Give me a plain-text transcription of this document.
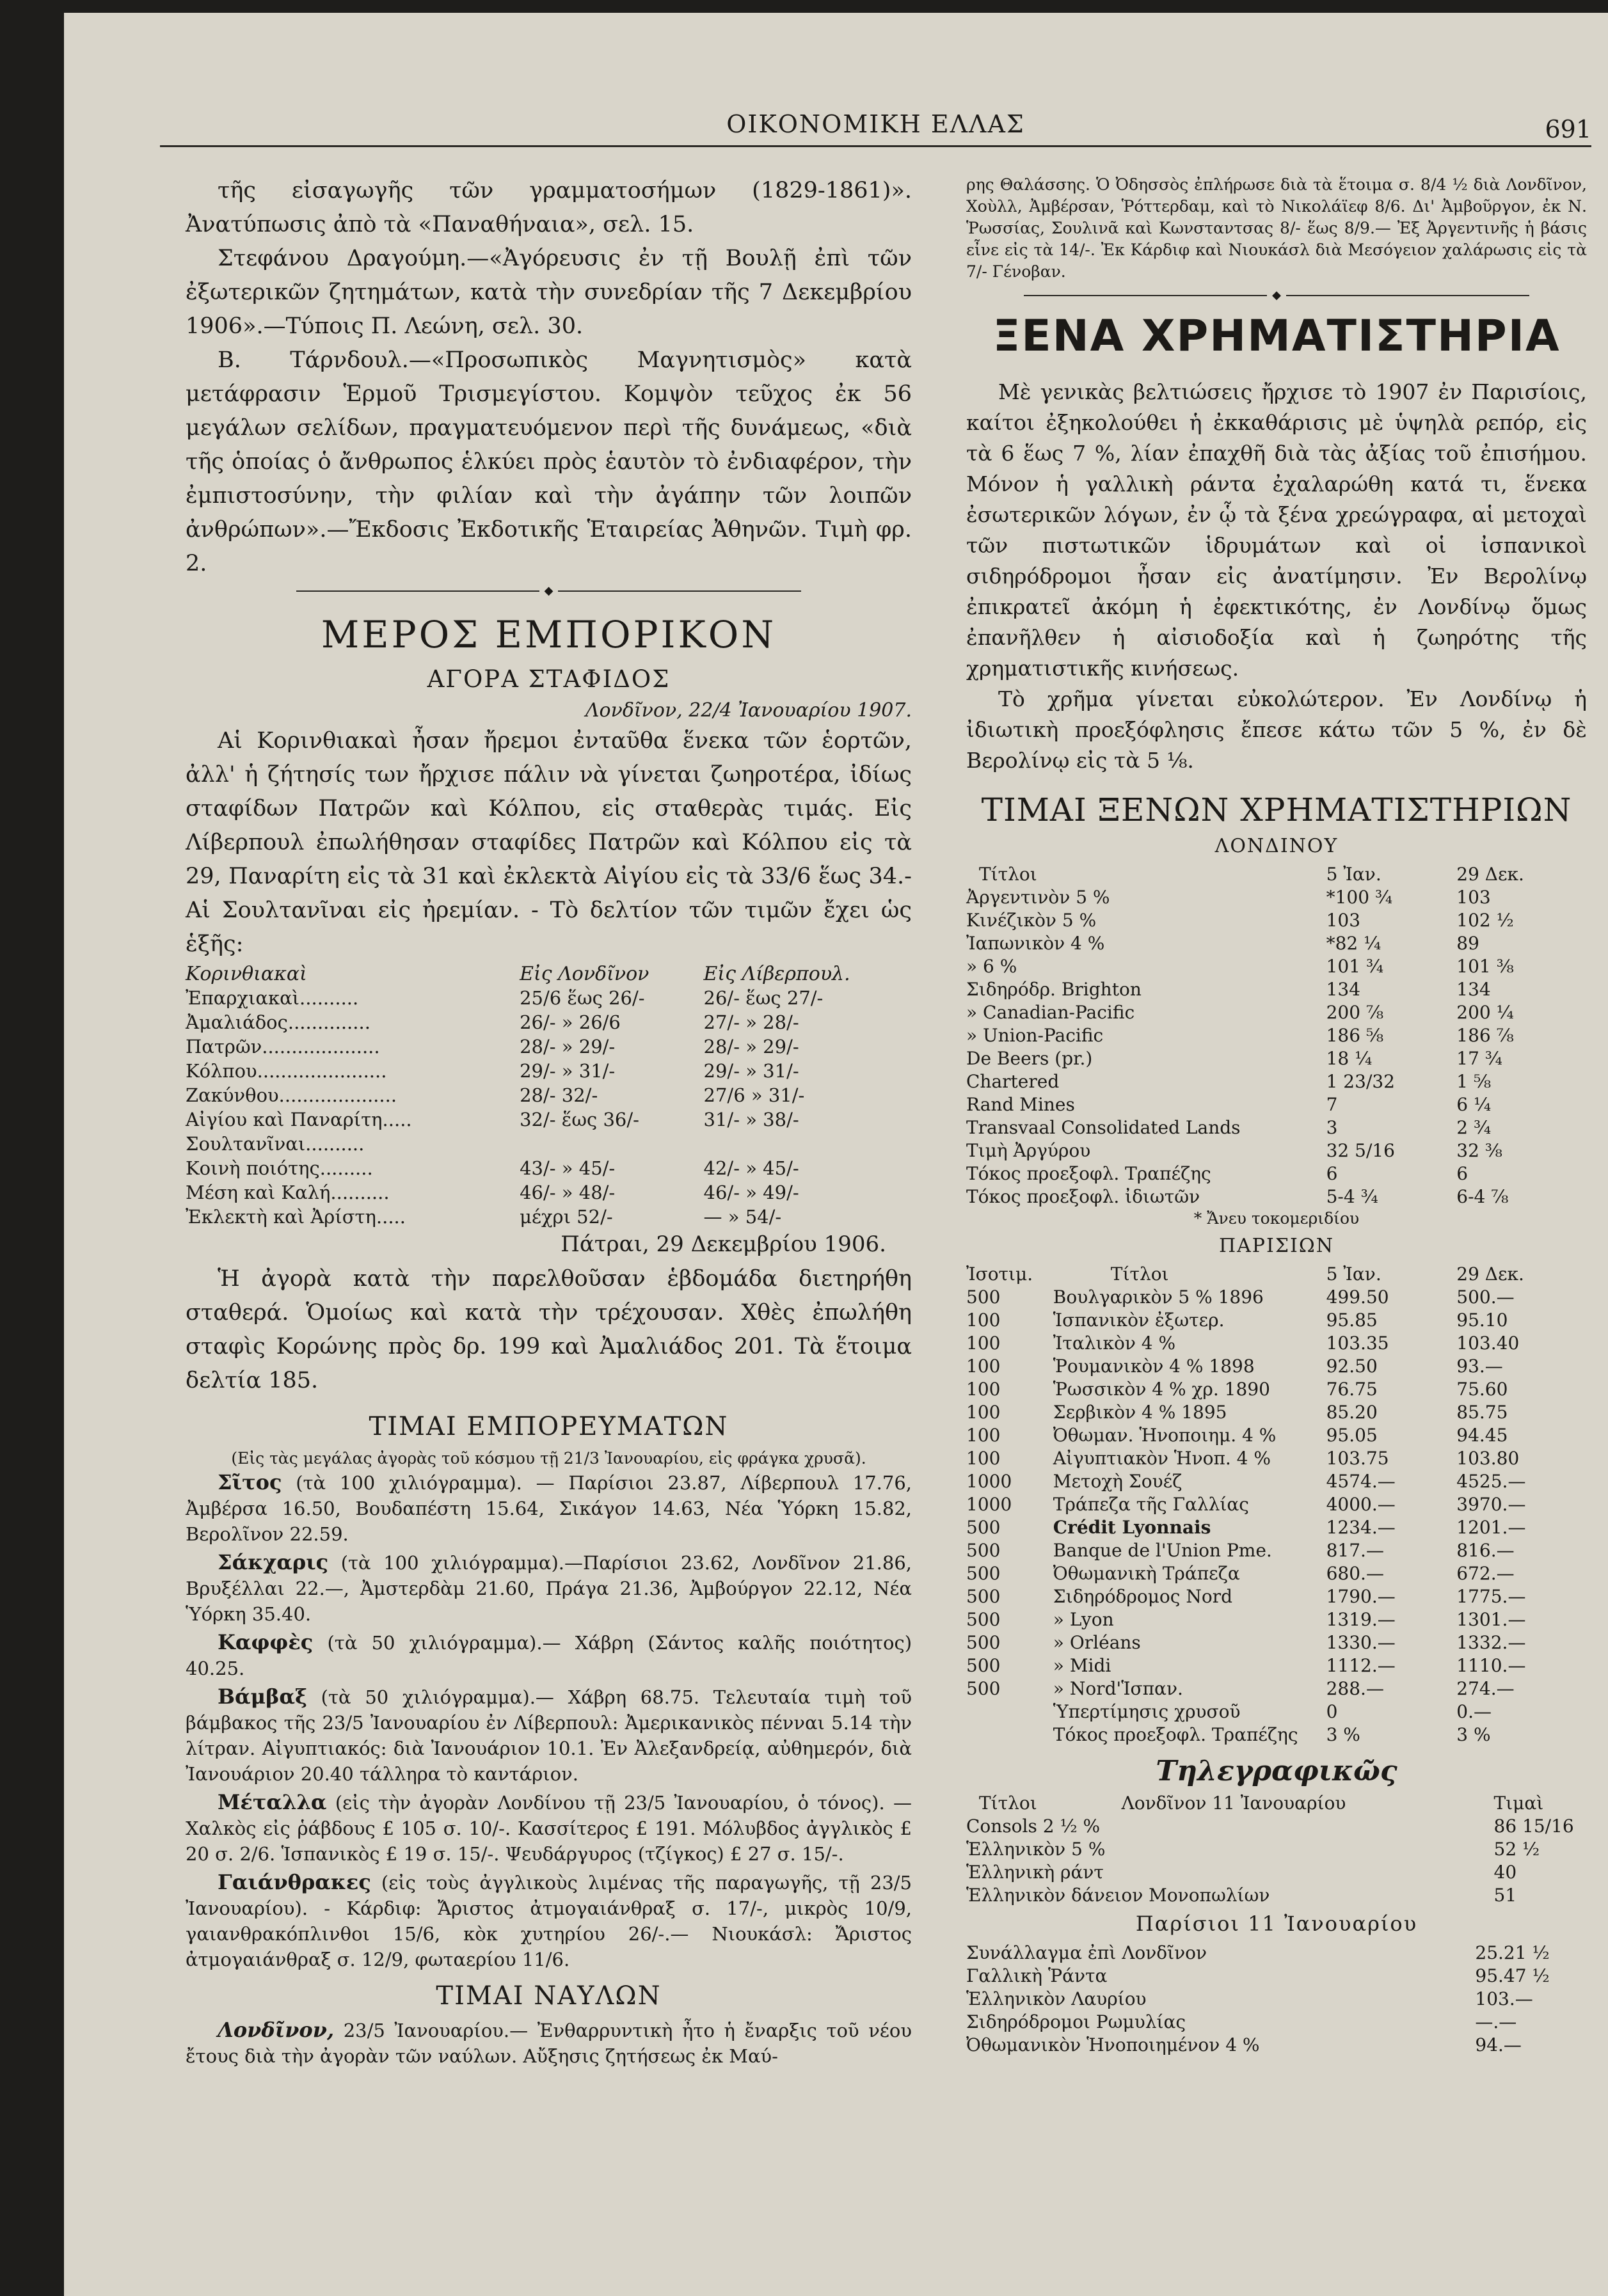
ΟΙΚΟΝΟΜΙΚΗ ΕΛΛΑΣ	691

τῆς εἰσαγωγῆς τῶν γραμματοσήμων (1829-1861)». Ἀνατύπωσις ἀπὸ τὰ «Παναθήναια», σελ. 15.

Στεφάνου Δραγούμη.—«Ἀγόρευσις ἐν τῇ Βουλῇ ἐπὶ τῶν ἐξωτερικῶν ζητημάτων, κατὰ τὴν συνεδρίαν τῆς 7 Δεκεμβρίου 1906».—Τύποις Π. Λεώνη, σελ. 30.

Β. Τάρνδουλ.—«Προσωπικὸς Μαγνητισμὸς» κατὰ μετάφρασιν Ἑρμοῦ Τρισμεγίστου. Κομψὸν τεῦχος ἐκ 56 μεγάλων σελίδων, πραγματευόμενον περὶ τῆς δυνάμεως, «διὰ τῆς ὁποίας ὁ ἄνθρωπος ἑλκύει πρὸς ἑαυτὸν τὸ ἐνδιαφέρον, τὴν ἐμπιστοσύνην, τὴν φιλίαν καὶ τὴν ἀγάπην τῶν λοιπῶν ἀνθρώπων».—Ἔκδοσις Ἐκδοτικῆς Ἑταιρείας Ἀθηνῶν. Τιμὴ φρ. 2.

◆
ΜΕΡΟΣ ΕΜΠΟΡΙΚΟΝ
ΑΓΟΡΑ ΣΤΑΦΙΔΟΣ
Λονδῖνον, 22/4 Ἰανουαρίου 1907.

Αἱ Κορινθιακαὶ ἦσαν ἤρεμοι ἐνταῦθα ἕνεκα τῶν ἑορτῶν, ἀλλ' ἡ ζήτησίς των ἤρχισε πάλιν νὰ γίνεται ζωηροτέρα, ἰδίως σταφίδων Πατρῶν καὶ Κόλπου, εἰς σταθερὰς τιμάς. Εἰς Λίβερπουλ ἐπωλήθησαν σταφίδες Πατρῶν καὶ Κόλπου εἰς τὰ 29, Παναρίτη εἰς τὰ 31 καὶ ἐκλεκτὰ Αἰγίου εἰς τὰ 33/6 ἕως 34.- Αἱ Σουλτανῖναι εἰς ἠρεμίαν. - Τὸ δελτίον τῶν τιμῶν ἔχει ὡς ἑξῆς:

Κορινθιακαὶ	Εἰς Λονδῖνον	Εἰς Λίβερπουλ.
Ἐπαρχιακαὶ..........	25/6 ἕως 26/-	26/- ἕως 27/-
Ἀμαλιάδος..............	26/- » 26/6	27/- » 28/-
Πατρῶν....................	28/- » 29/-	28/- » 29/-
Κόλπου......................	29/- » 31/-	29/- » 31/-
Ζακύνθου....................	28/- 32/-	27/6 » 31/-
Αἰγίου καὶ Παναρίτη.....	32/- ἕως 36/-	31/- » 38/-
Σουλτανῖναι..........		
Κοινὴ ποιότης.........	43/- » 45/-	42/- » 45/-
Μέση καὶ Καλή..........	46/- » 48/-	46/- » 49/-
Ἐκλεκτὴ καὶ Ἀρίστη.....	μέχρι 52/-	— » 54/-
Πάτραι, 29 Δεκεμβρίου 1906.

Ἡ ἀγορὰ κατὰ τὴν παρελθοῦσαν ἑβδομάδα διετηρήθη σταθερά. Ὁμοίως καὶ κατὰ τὴν τρέχουσαν. Χθὲς ἐπωλήθη σταφὶς Κορώνης πρὸς δρ. 199 καὶ Ἀμαλιάδος 201. Τὰ ἕτοιμα δελτία 185.

ΤΙΜΑΙ ΕΜΠΟΡΕΥΜΑΤΩΝ

(Εἰς τὰς μεγάλας ἀγορὰς τοῦ κόσμου τῇ 21/3 Ἰανουαρίου, εἰς φράγκα χρυσᾶ).

Σῖτος (τὰ 100 χιλιόγραμμα). — Παρίσιοι 23.87, Λίβερπουλ 17.76, Ἀμβέρσα 16.50, Βουδαπέστη 15.64, Σικάγον 14.63, Νέα Ὑόρκη 15.82, Βερολῖνον 22.59.

Σάκχαρις (τὰ 100 χιλιόγραμμα).—Παρίσιοι 23.62, Λονδῖνον 21.86, Βρυξέλλαι 22.—, Ἀμστερδὰμ 21.60, Πράγα 21.36, Ἀμβούργον 22.12, Νέα Ὑόρκη 35.40.

Καφφὲς (τὰ 50 χιλιόγραμμα).— Χάβρη (Σάντος καλῆς ποιότητος) 40.25.

Βάμβαξ (τὰ 50 χιλιόγραμμα).— Χάβρη 68.75. Τελευταία τιμὴ τοῦ βάμβακος τῆς 23/5 Ἰανουαρίου ἐν Λίβερπουλ: Ἀμερικανικὸς πένναι 5.14 τὴν λίτραν. Αἰγυπτιακός: διὰ Ἰανουάριον 10.1. Ἐν Ἀλεξανδρείᾳ, αὐθημερόν, διὰ Ἰανουάριον 20.40 τάλληρα τὸ καντάριον.

Μέταλλα (εἰς τὴν ἀγορὰν Λονδίνου τῇ 23/5 Ἰανουαρίου, ὁ τόνος). — Χαλκὸς εἰς ῥάβδους £ 105 σ. 10/-. Κασσίτερος £ 191. Μόλυβδος ἀγγλικὸς £ 20 σ. 2/6. Ἱσπανικὸς £ 19 σ. 15/-. Ψευδάργυρος (τζίγκος) £ 27 σ. 15/-.

Γαιάνθρακες (εἰς τοὺς ἀγγλικοὺς λιμένας τῆς παραγωγῆς, τῇ 23/5 Ἰανουαρίου). - Κάρδιφ: Ἄριστος ἀτμογαιάνθραξ σ. 17/-, μικρὸς 10/9, γαιανθρακόπλινθοι 15/6, κὸκ χυτηρίου 26/-.— Νιουκάσλ: Ἄριστος ἀτμογαιάνθραξ σ. 12/9, φωταερίου 11/6.

ΤΙΜΑΙ ΝΑΥΛΩΝ

Λονδῖνον, 23/5 Ἰανουαρίου.— Ἐνθαρρυντικὴ ἦτο ἡ ἔναρξις τοῦ νέου ἔτους διὰ τὴν ἀγορὰν τῶν ναύλων. Αὔξησις ζητήσεως ἐκ Μαύ-

ρης Θαλάσσης. Ὁ Ὀδησσὸς ἐπλήρωσε διὰ τὰ ἕτοιμα σ. 8/4 ½ διὰ Λονδῖνον, Χοὺλλ, Ἀμβέρσαν, Ῥόττερδαμ, καὶ τὸ Νικολάϊεφ 8/6. Δι' Ἀμβοῦργον, ἐκ Ν. Ῥωσσίας, Σουλινᾶ καὶ Κωνσταντσας 8/- ἕως 8/9.— Ἐξ Ἀργεντινῆς ἡ βάσις εἶνε εἰς τὰ 14/-. Ἐκ Κάρδιφ καὶ Νιουκάσλ διὰ Μεσόγειον χαλάρωσις εἰς τὰ 7/- Γένοβαν.

◆
ΞΕΝΑ ΧΡΗΜΑΤΙΣΤΗΡΙΑ

Μὲ γενικὰς βελτιώσεις ἤρχισε τὸ 1907 ἐν Παρισίοις, καίτοι ἐξηκολούθει ἡ ἐκκαθάρισις μὲ ὑψηλὰ ρεπόρ, εἰς τὰ 6 ἕως 7 %, λίαν ἐπαχθῆ διὰ τὰς ἀξίας τοῦ ἐπισήμου. Μόνον ἡ γαλλικὴ ράντα ἐχαλαρώθη κατά τι, ἕνεκα ἐσωτερικῶν λόγων, ἐν ᾧ τὰ ξένα χρεώγραφα, αἱ μετοχαὶ τῶν πιστωτικῶν ἱδρυμάτων καὶ οἱ ἰσπανικοὶ σιδηρόδρομοι ἦσαν εἰς ἀνατίμησιν. Ἐν Βερολίνῳ ἐπικρατεῖ ἀκόμη ἡ ἐφεκτικότης, ἐν Λονδίνῳ ὅμως ἐπανῆλθεν ἡ αἰσιοδοξία καὶ ἡ ζωηρότης τῆς χρηματιστικῆς κινήσεως.

Τὸ χρῆμα γίνεται εὐκολώτερον. Ἐν Λονδίνῳ ἡ ἰδιωτικὴ προεξόφλησις ἔπεσε κάτω τῶν 5 %, ἐν δὲ Βερολίνῳ εἰς τὰ 5 ⅛.

ΤΙΜΑΙ ΞΕΝΩΝ ΧΡΗΜΑΤΙΣΤΗΡΙΩΝ
ΛΟΝΔΙΝΟΥ
Τίτλοι	5 Ἰαν.	29 Δεκ.
Ἀργεντινὸν 5 %	*100 ¾	103
Κινέζικὸν 5 %	103	102 ½
Ἰαπωνικὸν 4 %	*82 ¼	89
» 6 %	101 ¾	101 ⅜
Σιδηρόδρ. Brighton	134	134
» Canadian-Pacific	200 ⅞	200 ¼
» Union-Pacific	186 ⅝	186 ⅞
De Beers (pr.)	18 ¼	17 ¾
Chartered	1 23/32	1 ⅝
Rand Mines	7	6 ¼
Transvaal Consolidated Lands	3	2 ¾
Τιμὴ Ἀργύρου	32 5/16	32 ⅜
Τόκος προεξοφλ. Τραπέζης	6	6
Τόκος προεξοφλ. ἰδιωτῶν	5-4 ¾	6-4 ⅞

* Ἄνευ τοκομεριδίου

ΠΑΡΙΣΙΩΝ
Ἰσοτιμ.	Τίτλοι	5 Ἰαν.	29 Δεκ.
500	Βουλγαρικὸν 5 % 1896	499.50	500.—
100	Ἱσπανικὸν ἐξωτερ.	95.85	95.10
100	Ἰταλικὸν 4 %	103.35	103.40
100	Ῥουμανικὸν 4 % 1898	92.50	93.—
100	Ῥωσσικὸν 4 % χρ. 1890	76.75	75.60
100	Σερβικὸν 4 % 1895	85.20	85.75
100	Ὀθωμαν. Ἡνοποιημ. 4 %	95.05	94.45
100	Αἰγυπτιακὸν Ἡνοπ. 4 %	103.75	103.80
1000	Μετοχὴ Σουέζ	4574.—	4525.—
1000	Τράπεζα τῆς Γαλλίας	4000.—	3970.—
500	Crédit Lyonnais	1234.—	1201.—
500	Banque de l'Union Pme.	817.—	816.—
500	Ὀθωμανικὴ Τράπεζα	680.—	672.—
500	Σιδηρόδρομος Nord	1790.—	1775.—
500	» Lyon	1319.—	1301.—
500	» Orléans	1330.—	1332.—
500	» Midi	1112.—	1110.—
500	» Nord'Ἱσπαν.	288.—	274.—
	Ὑπερτίμησις χρυσοῦ	0	0.—
	Τόκος προεξοφλ. Τραπέζης	3 %	3 %
Τηλεγραφικῶς
Τίτλοι	Λονδῖνον 11 Ἰανουαρίου	Τιμαὶ
Consols 2 ½ %		86 15/16
Ἑλληνικὸν 5 %		52 ½
Ἑλληνικὴ ράντ		40
Ἑλληνικὸν δάνειον Μονοπωλίων		51
Παρίσιοι 11 Ἰανουαρίου
Συνάλλαγμα ἐπὶ Λονδῖνον	25.21 ½
Γαλλικὴ Ῥάντα	95.47 ½
Ἑλληνικὸν Λαυρίου	103.—
Σιδηρόδρομοι Ρωμυλίας	—.—
Ὀθωμανικὸν Ἡνοποιημένον 4 %	94.—
